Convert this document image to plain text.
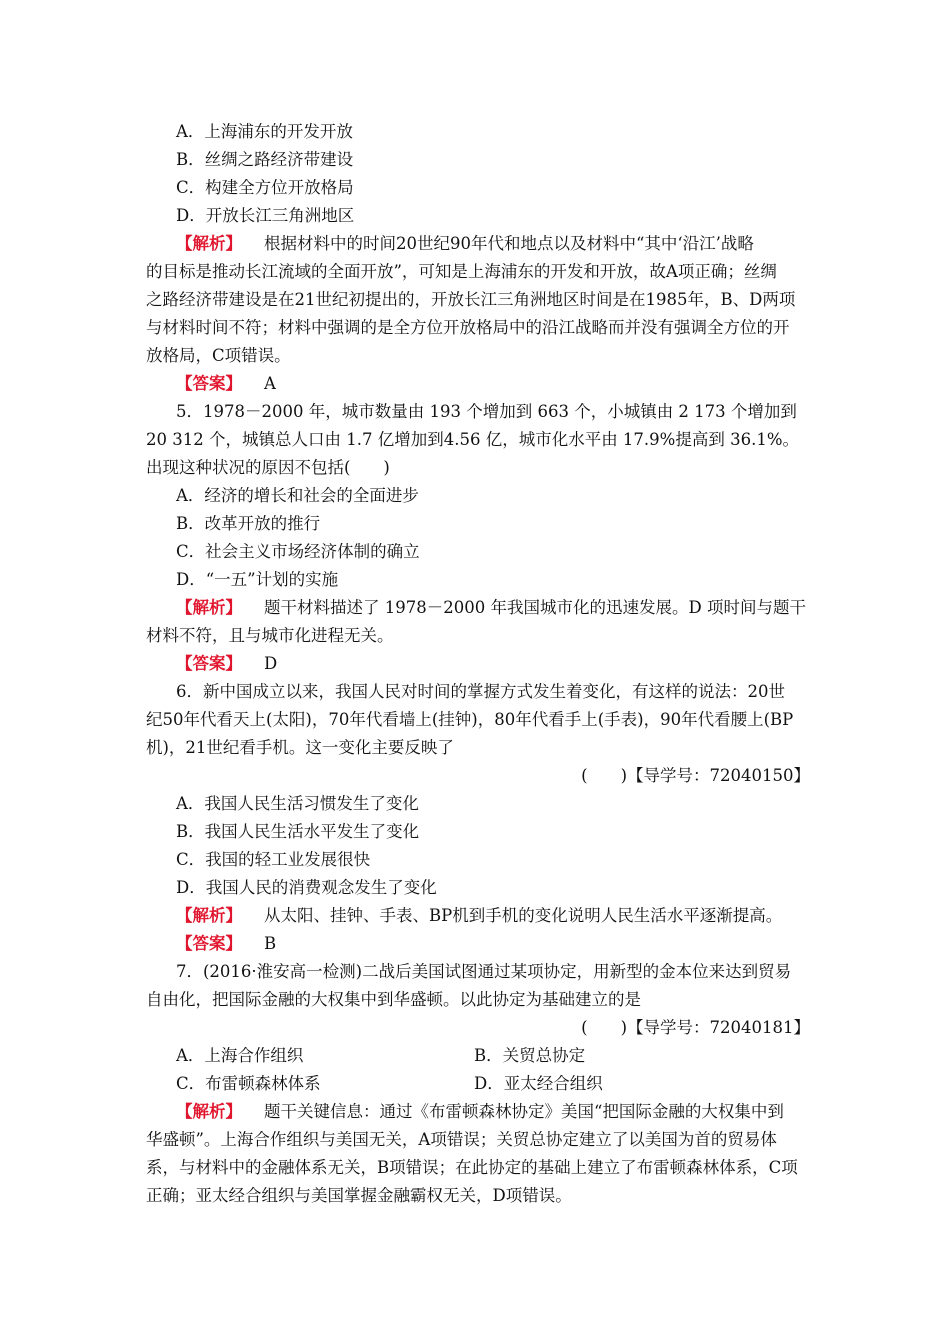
A．上海浦东的开发开放
B．丝绸之路经济带建设
C．构建全方位开放格局
D．开放长江三角洲地区
【解析】 根据材料中的时间20世纪90年代和地点以及材料中“其中‘沿江’战略
的目标是推动长江流域的全面开放”，可知是上海浦东的开发和开放，故A项正确；丝绸
之路经济带建设是在21世纪初提出的，开放长江三角洲地区时间是在1985年，B、D两项
与材料时间不符；材料中强调的是全方位开放格局中的沿江战略而并没有强调全方位的开
放格局，C项错误。
【答案】 A
5．1978－2000 年，城市数量由 193 个增加到 663 个，小城镇由 2 173 个增加到
20 312 个，城镇总人口由 1.7 亿增加到4.56 亿，城市化水平由 17.9%提高到 36.1%。
出现这种状况的原因不包括(　　)
A．经济的增长和社会的全面进步
B．改革开放的推行
C．社会主义市场经济体制的确立
D．“一五”计划的实施
【解析】 题干材料描述了 1978－2000 年我国城市化的迅速发展。D 项时间与题干
材料不符，且与城市化进程无关。
【答案】 D
6．新中国成立以来，我国人民对时间的掌握方式发生着变化，有这样的说法：20世
纪50年代看天上(太阳)，70年代看墙上(挂钟)，80年代看手上(手表)，90年代看腰上(BP
机)，21世纪看手机。这一变化主要反映了
(　　)【导学号：72040150】
A．我国人民生活习惯发生了变化
B．我国人民生活水平发生了变化
C．我国的轻工业发展很快
D．我国人民的消费观念发生了变化
【解析】 从太阳、挂钟、手表、BP机到手机的变化说明人民生活水平逐渐提高。
【答案】 B
7．(2016·淮安高一检测)二战后美国试图通过某项协定，用新型的金本位来达到贸易
自由化，把国际金融的大权集中到华盛顿。以此协定为基础建立的是
(　　)【导学号：72040181】
A．上海合作组织	B．关贸总协定
C．布雷顿森林体系	D．亚太经合组织
【解析】 题干关键信息：通过《布雷顿森林协定》美国“把国际金融的大权集中到
华盛顿”。上海合作组织与美国无关，A项错误；关贸总协定建立了以美国为首的贸易体
系，与材料中的金融体系无关，B项错误；在此协定的基础上建立了布雷顿森林体系，C项
正确；亚太经合组织与美国掌握金融霸权无关，D项错误。
